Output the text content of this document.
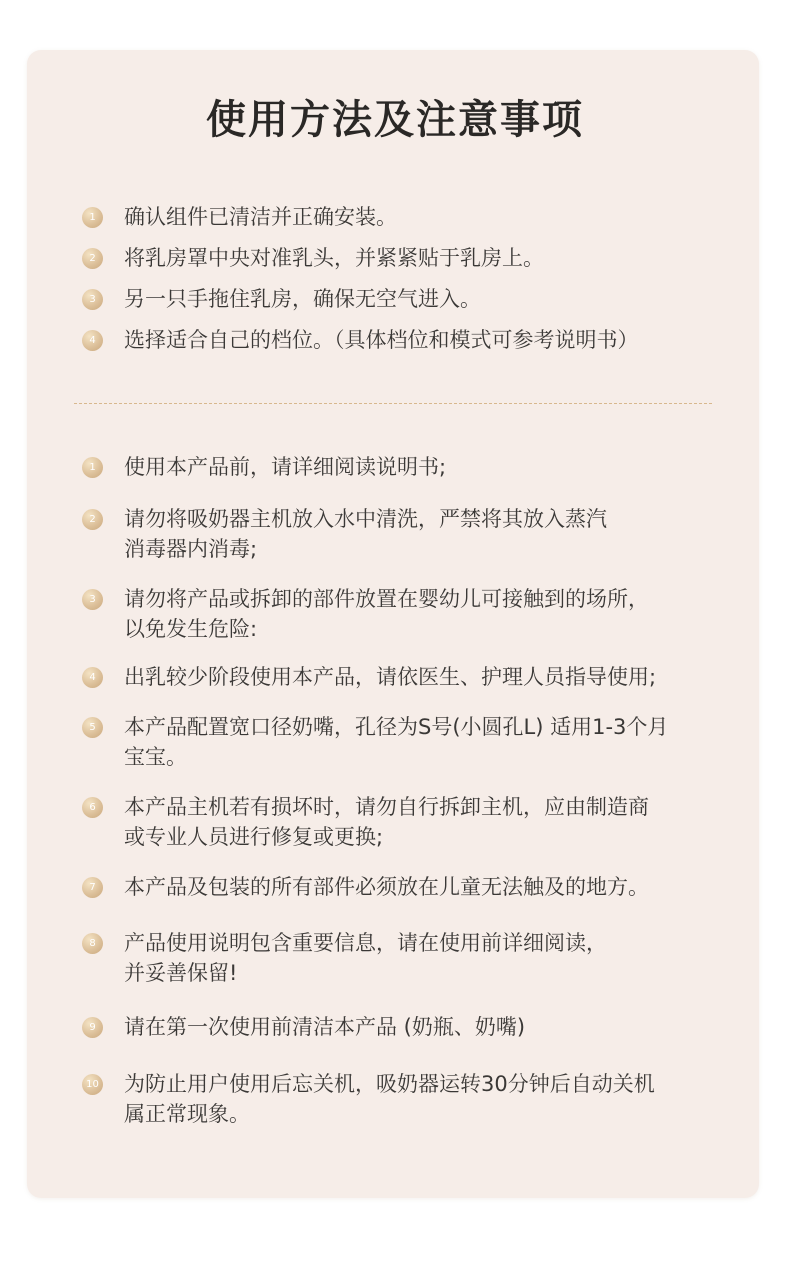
使用方法及注意事项
1	确认组件已清洁并正确安装。
2	将乳房罩中央对准乳头，并紧紧贴于乳房上。
3	另一只手拖住乳房，确保无空气进入。
4	选择适合自己的档位。（具体档位和模式可参考说明书）
1	使用本产品前，请详细阅读说明书;
2	请勿将吸奶器主机放入水中清洗，严禁将其放入蒸汽
消毒器内消毒;
3	请勿将产品或拆卸的部件放置在婴幼儿可接触到的场所，
以免发生危险:
4	出乳较少阶段使用本产品，请依医生、护理人员指导使用;
5	本产品配置宽口径奶嘴，孔径为S号(小圆孔L) 适用1-3个月
宝宝。
6	本产品主机若有损坏时，请勿自行拆卸主机，应由制造商
或专业人员进行修复或更换;
7	本产品及包装的所有部件必须放在儿童无法触及的地方。
8	产品使用说明包含重要信息，请在使用前详细阅读，
并妥善保留!
9	请在第一次使用前清洁本产品 (奶瓶、奶嘴)
10 为防止用户使用后忘关机，吸奶器运转30分钟后自动关机
属正常现象。
